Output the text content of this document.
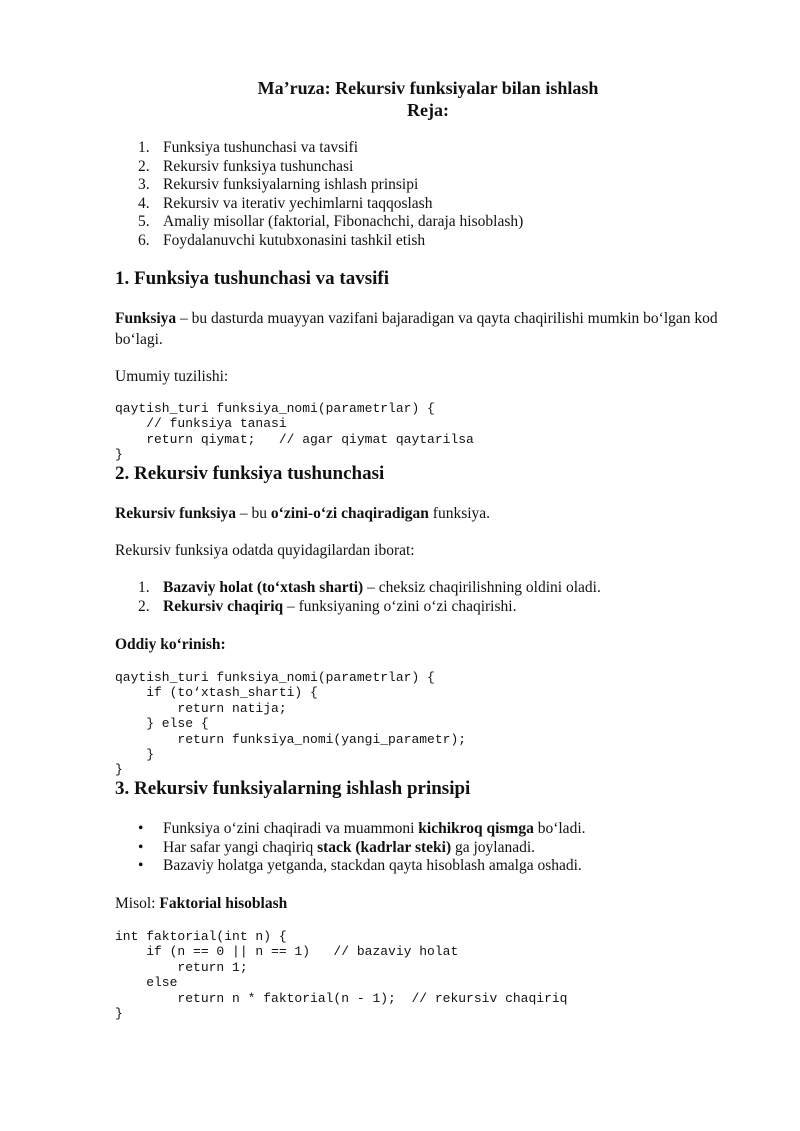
Ma’ruza: Rekursiv funksiyalar bilan ishlash
Reja:
1. Funksiya tushunchasi va tavsifi
2. Rekursiv funksiya tushunchasi
3. Rekursiv funksiyalarning ishlash prinsipi
4. Rekursiv va iterativ yechimlarni taqqoslash
5. Amaliy misollar (faktorial, Fibonachchi, daraja hisoblash)
6. Foydalanuvchi kutubxonasini tashkil etish
1. Funksiya tushunchasi va tavsifi
Funksiya – bu dasturda muayyan vazifani bajaradigan va qayta chaqirilishi mumkin bo‘lgan kod bo‘lagi.
Umumiy tuzilishi:
qaytish_turi funksiya_nomi(parametrlar) {
// funksiya tanasi
return qiymat;   // agar qiymat qaytarilsa
}
2. Rekursiv funksiya tushunchasi
Rekursiv funksiya – bu o‘zini-o‘zi chaqiradigan funksiya.
Rekursiv funksiya odatda quyidagilardan iborat:
1. Bazaviy holat (to‘xtash sharti) – cheksiz chaqirilishning oldini oladi.
2. Rekursiv chaqiriq – funksiyaning o‘zini o‘zi chaqirishi.
Oddiy ko‘rinish:
qaytish_turi funksiya_nomi(parametrlar) {
if (to‘xtash_sharti) {
return natija;
} else {
return funksiya_nomi(yangi_parametr);
}
}
3. Rekursiv funksiyalarning ishlash prinsipi
•Funksiya o‘zini chaqiradi va muammoni kichikroq qismga bo‘ladi.
•Har safar yangi chaqiriq stack (kadrlar steki) ga joylanadi.
•Bazaviy holatga yetganda, stackdan qayta hisoblash amalga oshadi.
Misol: Faktorial hisoblash
int faktorial(int n) {
if (n == 0 || n == 1)   // bazaviy holat
return 1;
else
return n * faktorial(n - 1);  // rekursiv chaqiriq
}
